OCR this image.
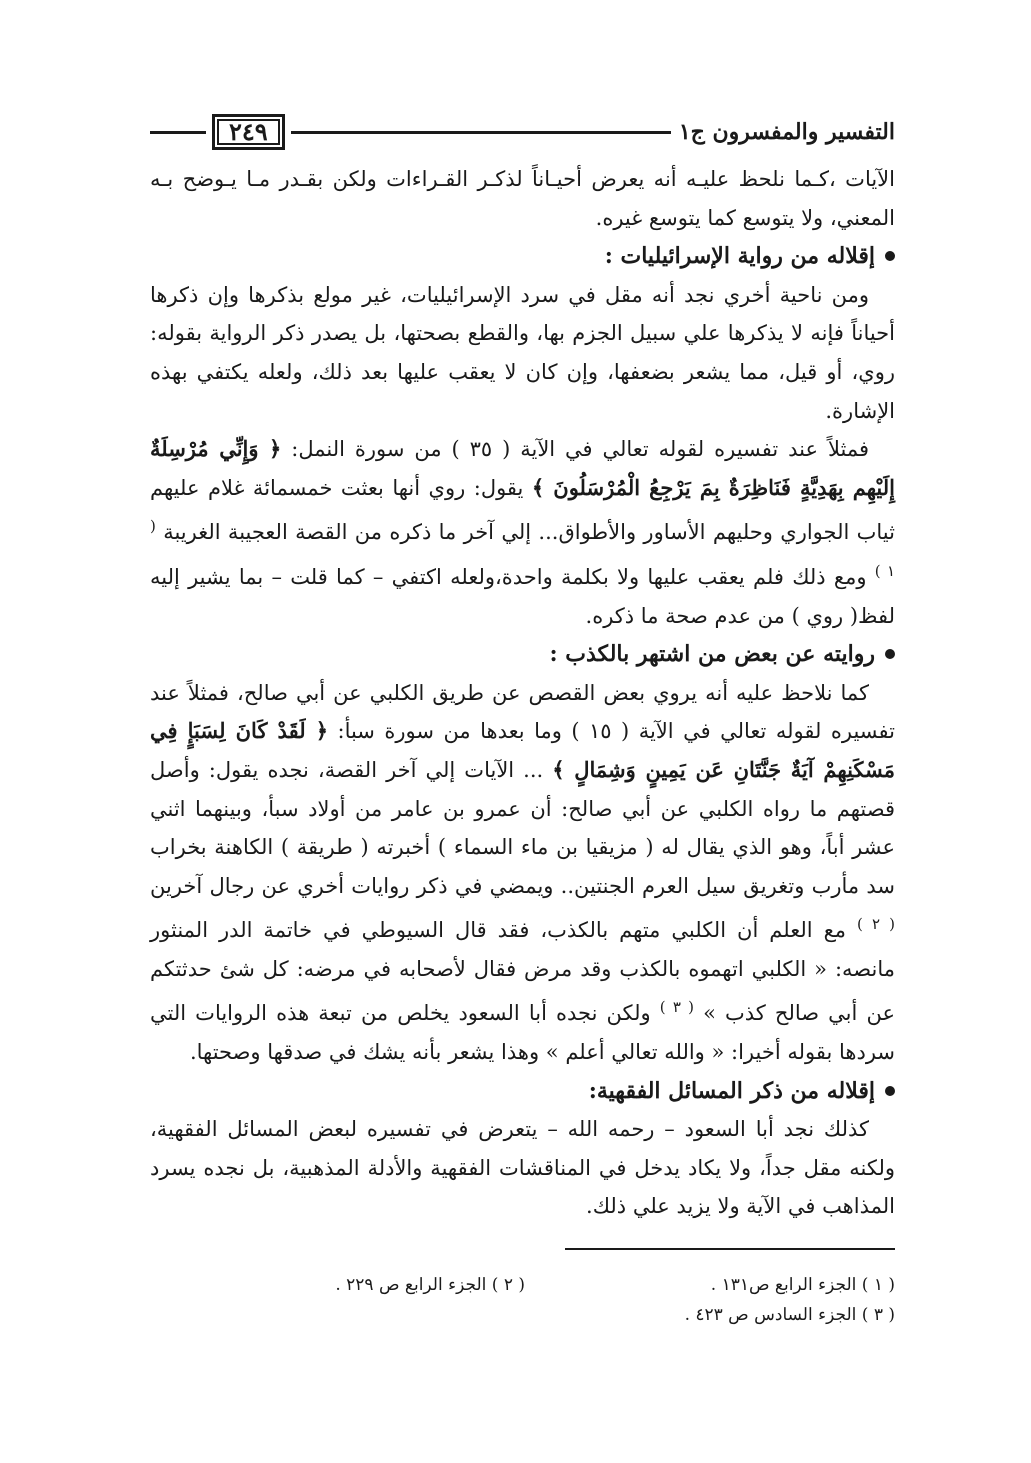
التفسير والمفسرون ج١
٢٤٩

الآيات ،كـما نلحظ عليـه أنه يعرض أحيـاناً لذكـر القـراءات ولكن بقـدر مـا يـوضح بـه المعني، ولا يتوسع كما يتوسع غيره.

إقلاله من رواية الإسرائيليات :

ومن ناحية أخري نجد أنه مقل في سرد الإسرائيليات، غير مولع بذكرها وإن ذكرها أحياناً فإنه لا يذكرها علي سبيل الجزم بها، والقطع بصحتها، بل يصدر ذكر الرواية بقوله: روي، أو قيل، مما يشعر بضعفها، وإن كان لا يعقب عليها بعد ذلك، ولعله يكتفي بهذه الإشارة.

فمثلاً عند تفسيره لقوله تعالي في الآية ( ٣٥ ) من سورة النمل: ﴿ وَإِنِّي مُرْسِلَةٌ إِلَيْهِم بِهَدِيَّةٍ فَنَاظِرَةٌ بِمَ يَرْجِعُ الْمُرْسَلُونَ ﴾ يقول: روي أنها بعثت خمسمائة غلام عليهم ثياب الجواري وحليهم الأساور والأطواق... إلي آخر ما ذكره من القصة العجيبة الغريبة $^{( ١ )}$ ومع ذلك فلم يعقب عليها ولا بكلمة واحدة،ولعله اكتفي – كما قلت – بما يشير إليه لفظ( روي ) من عدم صحة ما ذكره.

روايته عن بعض من اشتهر بالكذب :

كما نلاحظ عليه أنه يروي بعض القصص عن طريق الكلبي عن أبي صالح، فمثلاً عند تفسيره لقوله تعالي في الآية ( ١٥ ) وما بعدها من سورة سبأ: ﴿ لَقَدْ كَانَ لِسَبَإٍ فِي مَسْكَنِهِمْ آيَةٌ جَنَّتَانِ عَن يَمِينٍ وَشِمَالٍ ﴾ ... الآيات إلي آخر القصة، نجده يقول: وأصل قصتهم ما رواه الكلبي عن أبي صالح: أن عمرو بن عامر من أولاد سبأ، وبينهما اثني عشر أباً، وهو الذي يقال له ( مزيقيا بن ماء السماء ) أخبرته ( طريقة ) الكاهنة بخراب سد مأرب وتغريق سيل العرم الجنتين.. ويمضي في ذكر روايات أخري عن رجال آخرين $^{( ٢ )}$ مع العلم أن الكلبي متهم بالكذب، فقد قال السيوطي في خاتمة الدر المنثور مانصه: « الكلبي اتهموه بالكذب وقد مرض فقال لأصحابه في مرضه: كل شئ حدثتكم عن أبي صالح كذب » $^{( ٣ )}$ ولكن نجده أبا السعود يخلص من تبعة هذه الروايات التي سردها بقوله أخيرا: « والله تعالي أعلم » وهذا يشعر بأنه يشك في صدقها وصحتها.

إقلاله من ذكر المسائل الفقهية:

كذلك نجد أبا السعود – رحمه الله – يتعرض في تفسيره لبعض المسائل الفقهية، ولكنه مقل جداً، ولا يكاد يدخل في المناقشات الفقهية والأدلة المذهبية، بل نجده يسرد المذاهب في الآية ولا يزيد علي ذلك.

( ١ ) الجزء الرابع ص١٣١ .
( ٢ ) الجزء الرابع ص ٢٢٩ .
( ٣ ) الجزء السادس ص ٤٢٣ .
